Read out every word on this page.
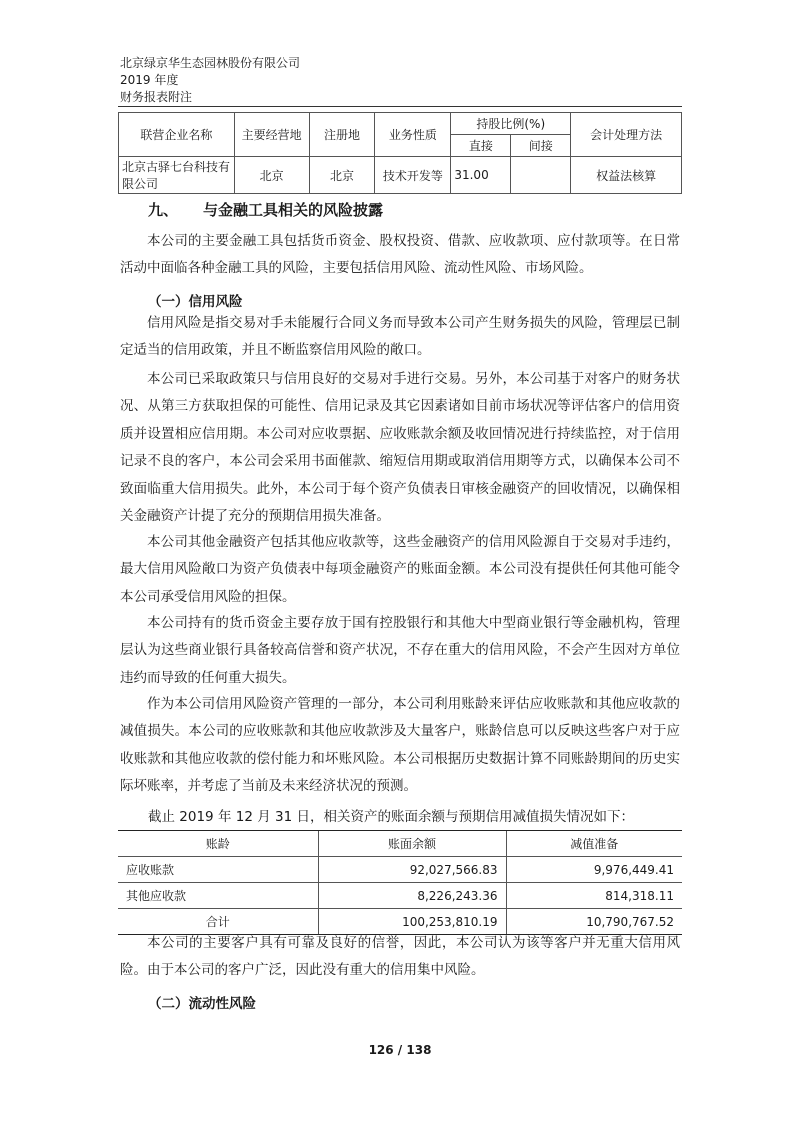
北京绿京华生态园林股份有限公司
2019 年度
财务报表附注
联营企业名称	主要经营地	注册地	业务性质	持股比例(%)		会计处理方法
				直接	间接	
北京古驿七台科技有限公司	北京	北京	技术开发等	31.00		权益法核算
九、 与金融工具相关的风险披露

本公司的主要金融工具包括货币资金、股权投资、借款、应收款项、应付款项等。在日常活动中面临各种金融工具的风险，主要包括信用风险、流动性风险、市场风险。

（一）信用风险

信用风险是指交易对手未能履行合同义务而导致本公司产生财务损失的风险，管理层已制定适当的信用政策，并且不断监察信用风险的敞口。

本公司已采取政策只与信用良好的交易对手进行交易。另外，本公司基于对客户的财务状况、从第三方获取担保的可能性、信用记录及其它因素诸如目前市场状况等评估客户的信用资质并设置相应信用期。本公司对应收票据、应收账款余额及收回情况进行持续监控，对于信用记录不良的客户，本公司会采用书面催款、缩短信用期或取消信用期等方式，以确保本公司不致面临重大信用损失。此外，本公司于每个资产负债表日审核金融资产的回收情况，以确保相关金融资产计提了充分的预期信用损失准备。

本公司其他金融资产包括其他应收款等，这些金融资产的信用风险源自于交易对手违约，最大信用风险敞口为资产负债表中每项金融资产的账面金额。本公司没有提供任何其他可能令本公司承受信用风险的担保。

本公司持有的货币资金主要存放于国有控股银行和其他大中型商业银行等金融机构，管理层认为这些商业银行具备较高信誉和资产状况，不存在重大的信用风险，不会产生因对方单位违约而导致的任何重大损失。

作为本公司信用风险资产管理的一部分，本公司利用账龄来评估应收账款和其他应收款的减值损失。本公司的应收账款和其他应收款涉及大量客户，账龄信息可以反映这些客户对于应收账款和其他应收款的偿付能力和坏账风险。本公司根据历史数据计算不同账龄期间的历史实际坏账率，并考虑了当前及未来经济状况的预测。

截止 2019 年 12 月 31 日，相关资产的账面余额与预期信用减值损失情况如下：
账龄	账面余额	减值准备
应收账款	92,027,566.83	9,976,449.41
其他应收款	8,226,243.36	814,318.11
合计	100,253,810.19	10,790,767.52

本公司的主要客户具有可靠及良好的信誉，因此，本公司认为该等客户并无重大信用风险。由于本公司的客户广泛，因此没有重大的信用集中风险。

（二）流动性风险
126 / 138
